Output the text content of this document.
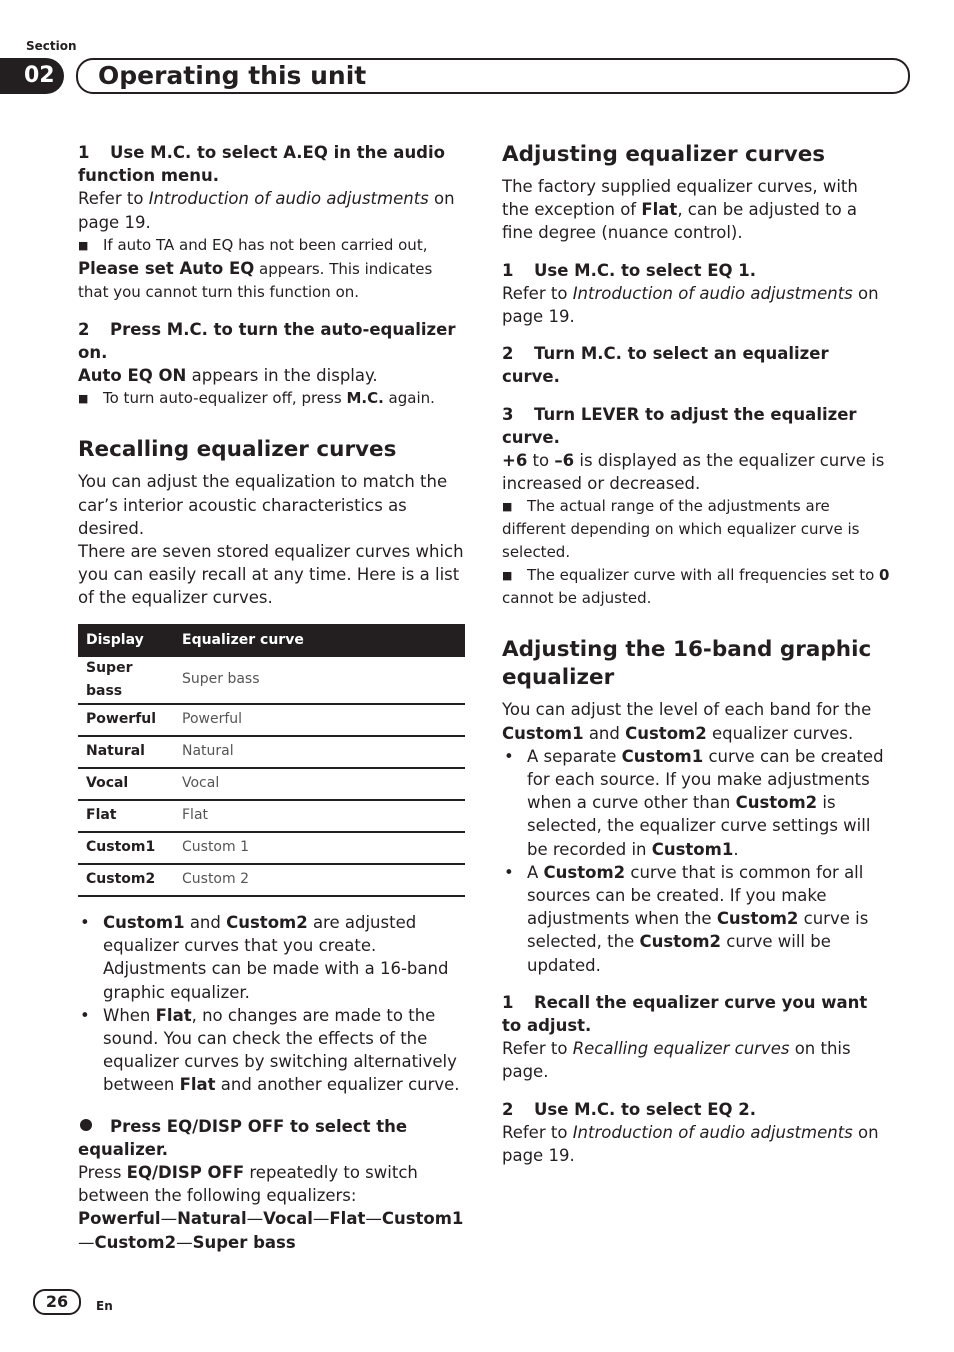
Section
02	Operating this unit

1 Use M.C. to select A.EQ in the audio function menu.

Refer to Introduction of audio adjustments on page 19.

■ If auto TA and EQ has not been carried out, Please set Auto EQ appears. This indicates that you cannot turn this function on.

2 Press M.C. to turn the auto-equalizer on.

Auto EQ ON appears in the display.

■ To turn auto-equalizer off, press M.C. again.

Recalling equalizer curves

You can adjust the equalization to match the car’s interior acoustic characteristics as desired.

There are seven stored equalizer curves which you can easily recall at any time. Here is a list of the equalizer curves.

Display	Equalizer curve
Super bass	Super bass
Powerful	Powerful
Natural	Natural
Vocal	Vocal
Flat	Flat
Custom1	Custom 1
Custom2	Custom 2
• Custom1 and Custom2 are adjusted equalizer curves that you create. Adjustments can be made with a 16-band graphic equalizer.
• When Flat, no changes are made to the sound. You can check the effects of the equalizer curves by switching alternatively between Flat and another equalizer curve.

Press EQ/DISP OFF to select the equalizer.

Press EQ/DISP OFF repeatedly to switch between the following equalizers:

Powerful—Natural—Vocal—Flat—Custom1 —Custom2—Super bass

Adjusting equalizer curves

The factory supplied equalizer curves, with the exception of Flat, can be adjusted to a fine degree (nuance control).

1 Use M.C. to select EQ 1.

Refer to Introduction of audio adjustments on page 19.

2 Turn M.C. to select an equalizer curve.

3 Turn LEVER to adjust the equalizer curve.

+6 to –6 is displayed as the equalizer curve is increased or decreased.

■ The actual range of the adjustments are different depending on which equalizer curve is selected.

■ The equalizer curve with all frequencies set to 0 cannot be adjusted.

Adjusting the 16-band graphic equalizer

You can adjust the level of each band for the Custom1 and Custom2 equalizer curves.

• A separate Custom1 curve can be created for each source. If you make adjustments when a curve other than Custom2 is selected, the equalizer curve settings will be recorded in Custom1.
• A Custom2 curve that is common for all sources can be created. If you make adjustments when the Custom2 curve is selected, the Custom2 curve will be updated.

1 Recall the equalizer curve you want to adjust.

Refer to Recalling equalizer curves on this page.

2 Use M.C. to select EQ 2.

Refer to Introduction of audio adjustments on page 19.

26	En
